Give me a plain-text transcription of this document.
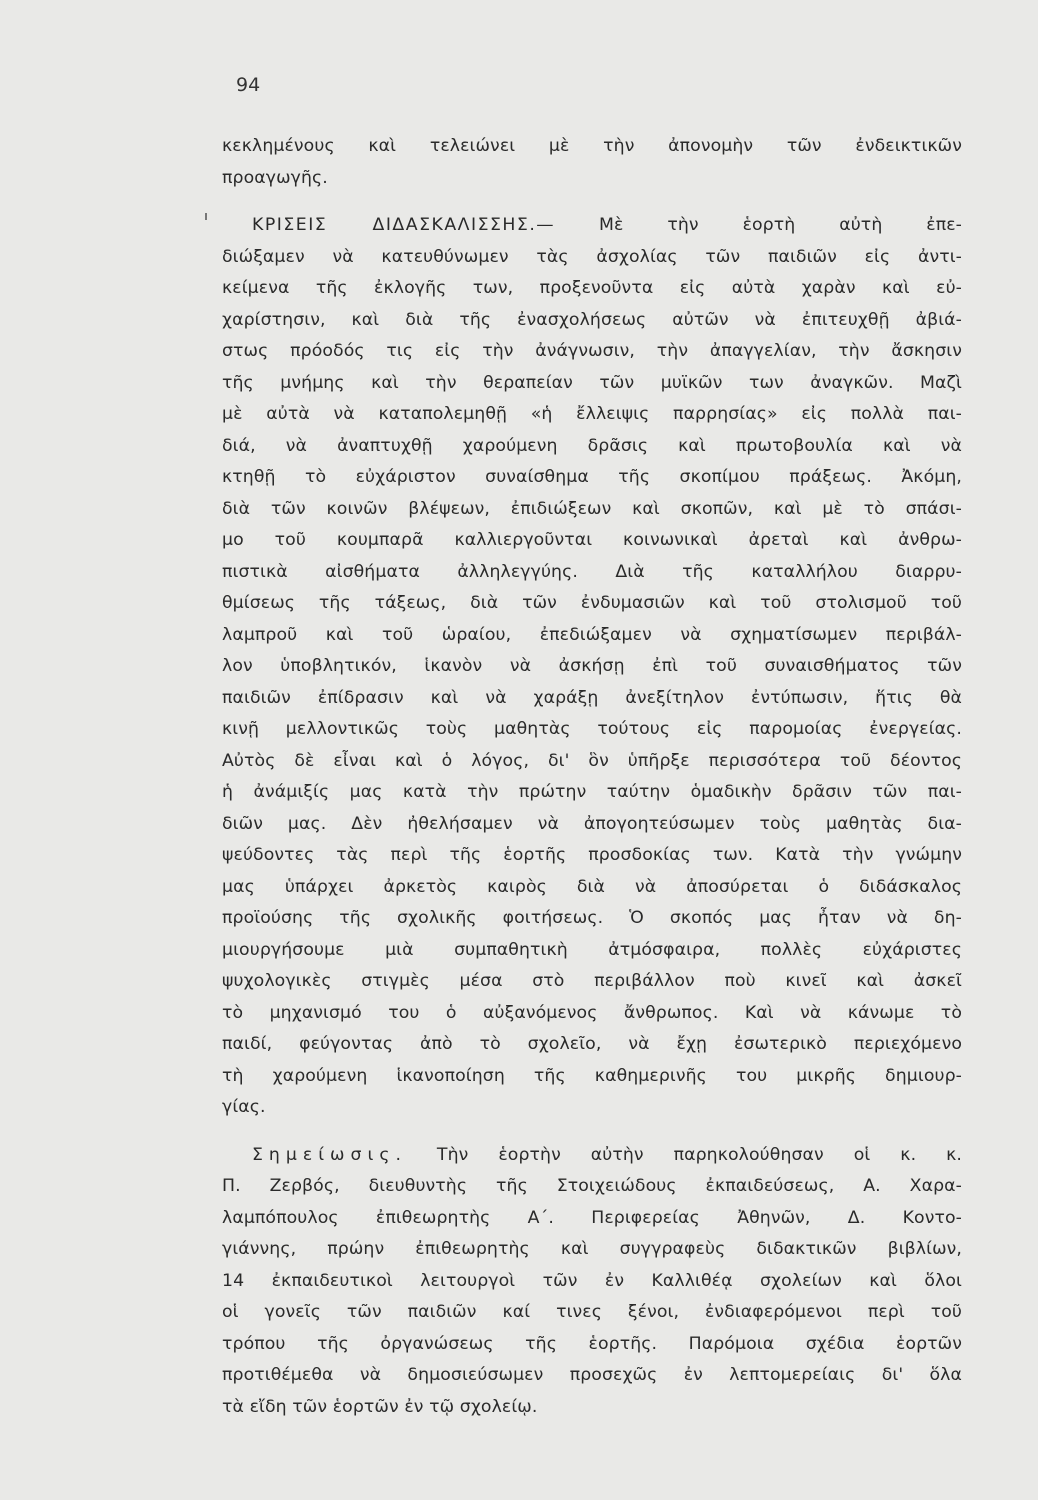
94
κεκλημένους καὶ τελειώνει μὲ τὴν ἀπονομὴν τῶν ἐνδεικτικῶν
προαγωγῆς.
ΚΡΙΣΕΙΣ ΔΙΔΑΣΚΑΛΙΣΣΗΣ.—	Μὲ τὴν ἑορτὴ αὐτὴ ἐπε-
διώξαμεν νὰ κατευθύνωμεν τὰς ἀσχολίας τῶν παιδιῶν εἰς ἀντι-
κείμενα τῆς ἐκλογῆς των, προξενοῦντα εἰς αὐτὰ χαρὰν καὶ εὐ-
χαρίστησιν, καὶ διὰ τῆς ἐνασχολήσεως αὐτῶν νὰ ἐπιτευχθῇ ἀβιά-
στως πρόοδός τις εἰς τὴν ἀνάγνωσιν, τὴν ἀπαγγελίαν, τὴν ἄσκησιν
τῆς μνήμης καὶ τὴν θεραπείαν τῶν μυϊκῶν των ἀναγκῶν. Μαζὶ
μὲ αὐτὰ νὰ καταπολεμηθῇ «ἡ ἔλλειψις παρρησίας» εἰς πολλὰ παι-
διά, νὰ ἀναπτυχθῇ χαρούμενη δρᾶσις καὶ πρωτοβουλία καὶ νὰ
κτηθῇ τὸ εὐχάριστον συναίσθημα τῆς σκοπίμου πράξεως. Ἀκόμη,
διὰ τῶν κοινῶν βλέψεων, ἐπιδιώξεων καὶ σκοπῶν, καὶ μὲ τὸ σπάσι-
μο τοῦ κουμπαρᾶ καλλιεργοῦνται κοινωνικαὶ ἀρεταὶ καὶ ἀνθρω-
πιστικὰ αἰσθήματα ἀλληλεγγύης. Διὰ τῆς καταλλήλου διαρρυ-
θμίσεως τῆς τάξεως, διὰ τῶν ἐνδυμασιῶν καὶ τοῦ στολισμοῦ τοῦ
λαμπροῦ καὶ τοῦ ὡραίου, ἐπεδιώξαμεν νὰ σχηματίσωμεν περιβάλ-
λον ὑποβλητικόν, ἱκανὸν νὰ ἀσκήσῃ ἐπὶ τοῦ συναισθήματος τῶν
παιδιῶν ἐπίδρασιν καὶ νὰ χαράξῃ ἀνεξίτηλον ἐντύπωσιν, ἥτις θὰ
κινῇ μελλοντικῶς τοὺς μαθητὰς τούτους εἰς παρομοίας ἐνεργείας.
Αὐτὸς δὲ εἶναι καὶ ὁ λόγος, δι' ὃν ὑπῆρξε περισσότερα τοῦ δέοντος
ἡ ἀνάμιξίς μας κατὰ τὴν πρώτην ταύτην ὁμαδικὴν δρᾶσιν τῶν παι-
διῶν μας. Δὲν ἠθελήσαμεν νὰ ἀπογοητεύσωμεν τοὺς μαθητὰς δια-
ψεύδοντες τὰς περὶ τῆς ἑορτῆς προσδοκίας των. Κατὰ τὴν γνώμην
μας ὑπάρχει ἀρκετὸς καιρὸς διὰ νὰ ἀποσύρεται ὁ διδάσκαλος
προϊούσης τῆς σχολικῆς φοιτήσεως. Ὁ σκοπός μας ἦταν νὰ δη-
μιουργήσουμε μιὰ συμπαθητικὴ ἀτμόσφαιρα, πολλὲς εὐχάριστες
ψυχολογικὲς στιγμὲς μέσα στὸ περιβάλλον ποὺ κινεῖ καὶ ἀσκεῖ
τὸ μηχανισμό του ὁ αὐξανόμενος ἄνθρωπος. Καὶ νὰ κάνωμε τὸ
παιδί, φεύγοντας ἀπὸ τὸ σχολεῖο, νὰ ἔχῃ ἐσωτερικὸ περιεχόμενο
τὴ χαρούμενη ἱκανοποίηση τῆς καθημερινῆς του μικρῆς δημιουρ-
γίας.
Σημείωσις. Τὴν ἑορτὴν αὐτὴν παρηκολούθησαν οἱ κ. κ.
Π. Ζερβός, διευθυντὴς τῆς Στοιχειώδους ἐκπαιδεύσεως, Α. Χαρα-
λαμπόπουλος ἐπιθεωρητὴς Α΄. Περιφερείας Ἀθηνῶν, Δ. Κοντο-
γιάννης, πρώην ἐπιθεωρητὴς καὶ συγγραφεὺς διδακτικῶν βιβλίων,
14 ἐκπαιδευτικοὶ λειτουργοὶ τῶν ἐν Καλλιθέᾳ σχολείων καὶ ὅλοι
οἱ γονεῖς τῶν παιδιῶν καί τινες ξένοι, ἐνδιαφερόμενοι περὶ τοῦ
τρόπου τῆς ὀργανώσεως τῆς ἑορτῆς. Παρόμοια σχέδια ἑορτῶν
προτιθέμεθα νὰ δημοσιεύσωμεν προσεχῶς ἐν λεπτομερείαις δι' ὅλα
τὰ εἴδη τῶν ἑορτῶν ἐν τῷ σχολείῳ.
